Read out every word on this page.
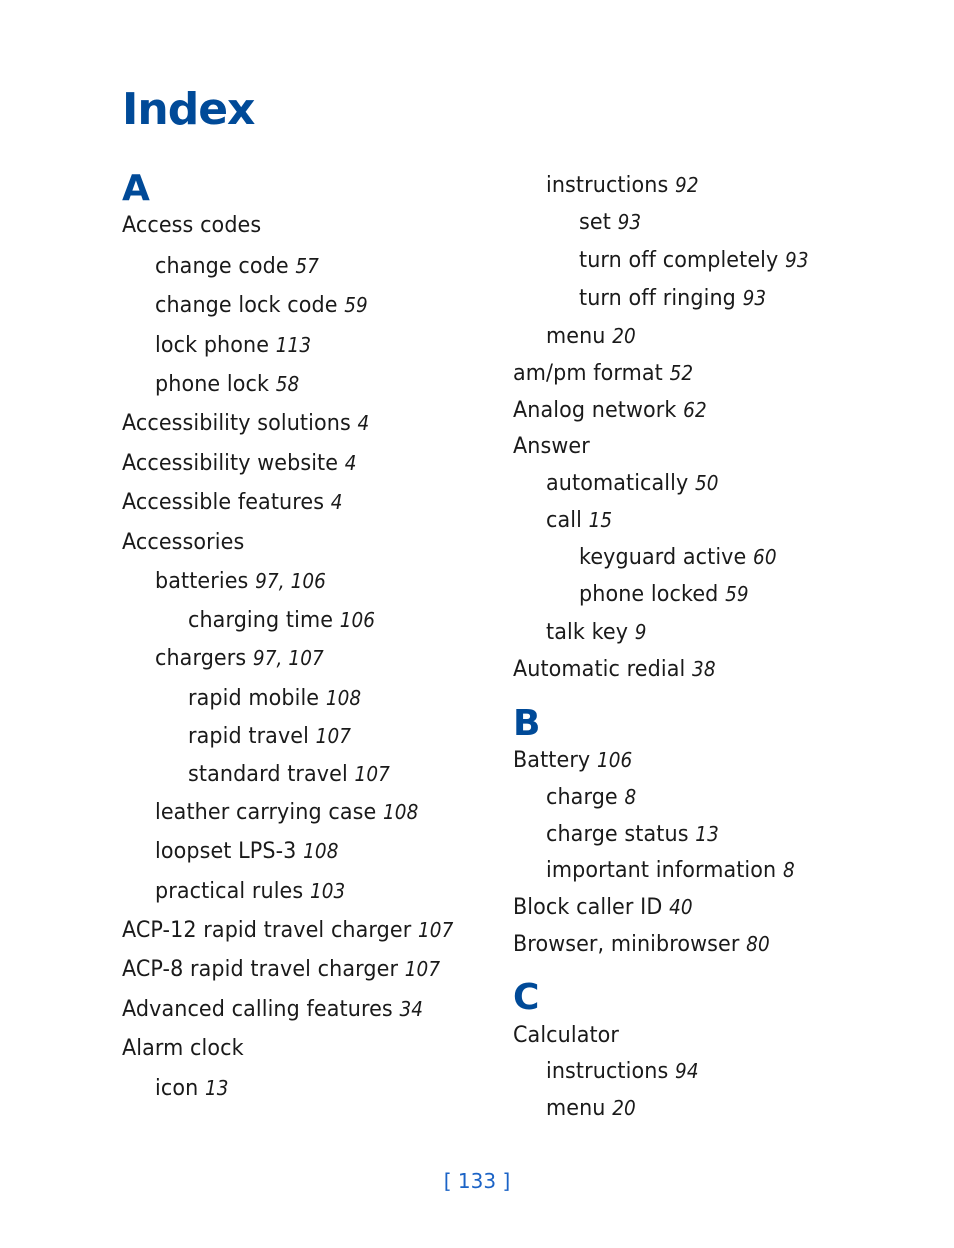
Index
A
Access codes
change code 57
change lock code 59
lock phone 113
phone lock 58
Accessibility solutions 4
Accessibility website 4
Accessible features 4
Accessories
batteries 97, 106
charging time 106
chargers 97, 107
rapid mobile 108
rapid travel 107
standard travel 107
leather carrying case 108
loopset LPS-3 108
practical rules 103
ACP-12 rapid travel charger 107
ACP-8 rapid travel charger 107
Advanced calling features 34
Alarm clock
icon 13
instructions 92
set 93
turn off completely 93
turn off ringing 93
menu 20
am/pm format 52
Analog network 62
Answer
automatically 50
call 15
keyguard active 60
phone locked 59
talk key 9
Automatic redial 38
B
Battery 106
charge 8
charge status 13
important information 8
Block caller ID 40
Browser, minibrowser 80
C
Calculator
instructions 94
menu 20
[ 133 ]
